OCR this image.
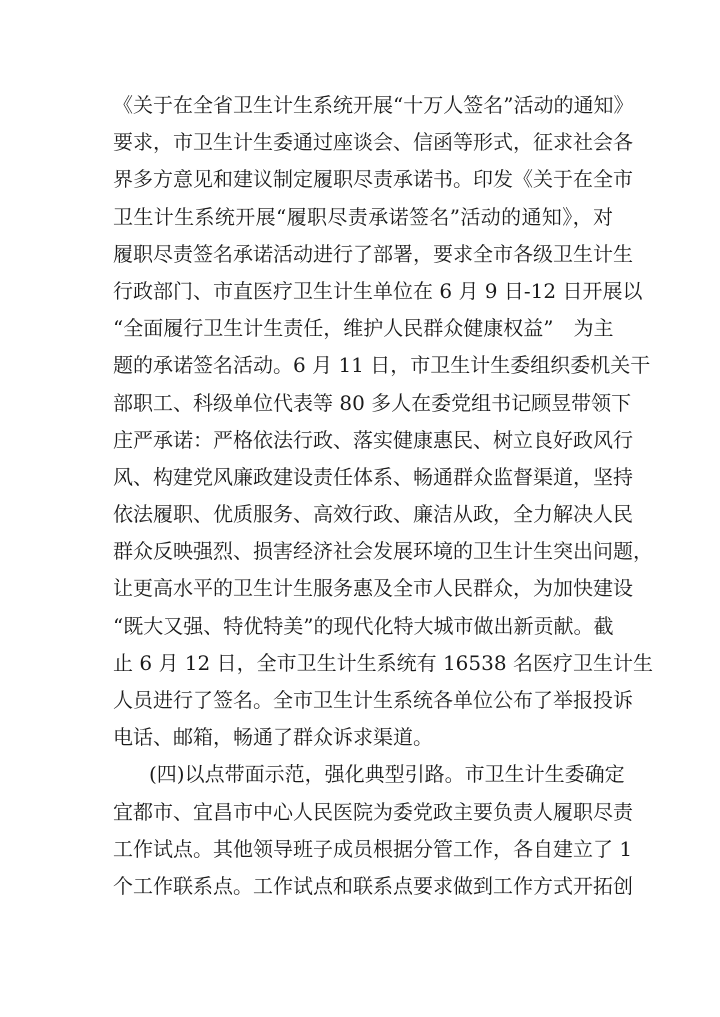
《关于在全省卫生计生系统开展“十万人签名”活动的通知》
要求，市卫生计生委通过座谈会、信函等形式，征求社会各
界多方意见和建议制定履职尽责承诺书。印发《关于在全市
卫生计生系统开展“履职尽责承诺签名”活动的通知》，对
履职尽责签名承诺活动进行了部署，要求全市各级卫生计生
行政部门、市直医疗卫生计生单位在 6 月 9 日-12 日开展以
“全面履行卫生计生责任，维护人民群众健康权益”　为主
题的承诺签名活动。6 月 11 日，市卫生计生委组织委机关干
部职工、科级单位代表等 80 多人在委党组书记顾昱带领下
庄严承诺：严格依法行政、落实健康惠民、树立良好政风行
风、构建党风廉政建设责任体系、畅通群众监督渠道，坚持
依法履职、优质服务、高效行政、廉洁从政，全力解决人民
群众反映强烈、损害经济社会发展环境的卫生计生突出问题，
让更高水平的卫生计生服务惠及全市人民群众，为加快建设
“既大又强、特优特美”的现代化特大城市做出新贡献。截
止 6 月 12 日，全市卫生计生系统有 16538 名医疗卫生计生
人员进行了签名。全市卫生计生系统各单位公布了举报投诉
电话、邮箱，畅通了群众诉求渠道。
(四)以点带面示范，强化典型引路。市卫生计生委确定
宜都市、宜昌市中心人民医院为委党政主要负责人履职尽责
工作试点。其他领导班子成员根据分管工作，各自建立了 1
个工作联系点。工作试点和联系点要求做到工作方式开拓创
